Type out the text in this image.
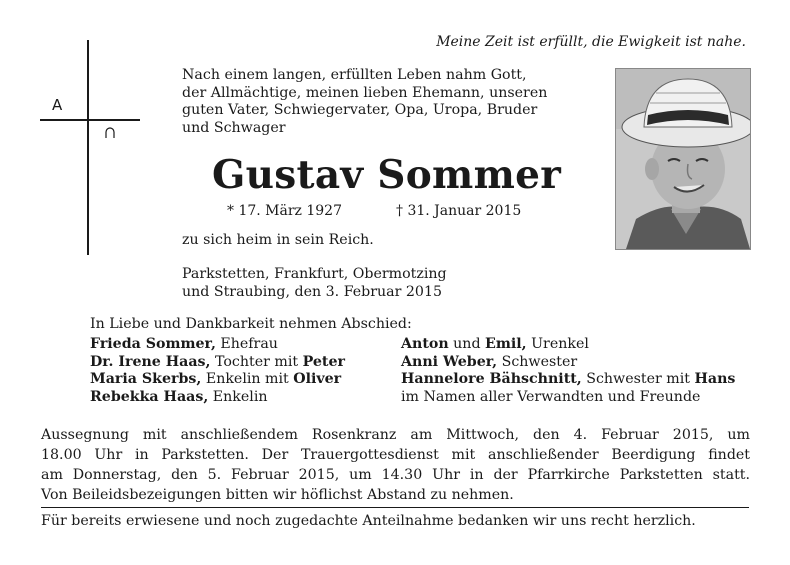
Meine Zeit ist erfüllt, die Ewigkeit ist nahe.
A
Nach einem langen, erfüllten Leben nahm Gott,
der Allmächtige, meinen lieben Ehemann, unseren
guten Vater, Schwiegervater, Opa, Uropa, Bruder
und Schwager
Gustav Sommer
* 17. März 1927	† 31. Januar 2015
zu sich heim in sein Reich.
Parkstetten, Frankfurt, Obermotzing
und Straubing, den 3. Februar 2015
In Liebe und Dankbarkeit nehmen Abschied:
Frieda Sommer, Ehefrau
Dr. Irene Haas, Tochter mit Peter
Maria Skerbs, Enkelin mit Oliver
Rebekka Haas, Enkelin
Anton und Emil, Urenkel
Anni Weber, Schwester
Hannelore Bähschnitt, Schwester mit Hans
im Namen aller Verwandten und Freunde
Aussegnung mit anschließendem Rosenkranz am Mittwoch, den 4. Februar 2015, um
18.00 Uhr in Parkstetten. Der Trauergottesdienst mit anschließender Beerdigung findet
am Donnerstag, den 5. Februar 2015, um 14.30 Uhr in der Pfarrkirche Parkstetten statt.
Von Beileidsbezeigungen bitten wir höflichst Abstand zu nehmen.
Für bereits erwiesene und noch zugedachte Anteilnahme bedanken wir uns recht herzlich.
